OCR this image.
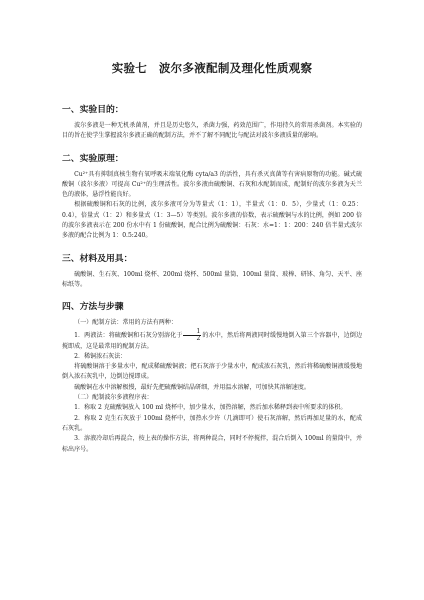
实验七　波尔多液配制及理化性质观察
一、实验目的：

波尔多液是一种无机杀菌剂，并且是历史悠久，杀菌力强，药效范围广，作用持久的常用杀菌剂。本实验的目的旨在使学生掌握波尔多液正确的配制方法，并不了解不同配比与配法对波尔多液质量的影响。

二、实验原理：

Cu²⁺具有抑制真核生物有氧呼吸末端氧化酶 cyta/a3 的活性，具有杀灭真菌等有害病原物的功能。碱式硫酸铜（波尔多液）可提高 Cu²⁺的生理活性。波尔多液由硫酸铜、石灰和水配制而成，配制好的波尔多液为天兰色的液体，悬浮性能良好。

根据硫酸铜和石灰的比例，波尔多液可分为等量式（1：1），半量式（1：0．5），少量式（1：0.25：0.4），倍量式（1：2）和多量式（1：3—5）等类别。波尔多液的倍数，表示硫酸铜与水的比例，例如 200 倍的波尔多液表示在 200 份水中有 1 份硫酸铜，配合比例为硫酸铜：石灰：水=1：1：200：240 倍半量式波尔多液的配合比例为 1：0.5:240。

三、材料及用具：

硫酸铜、生石灰、100ml 烧杯、200ml 烧杯、500ml 量筒、100ml 量筒、玻棒、研钵、角匀、天平、座标纸等。

四、方法与步骤

（一）配制方法：常用的方法有两种：

1．两液法：将硫酸铜和石灰分别溶化于 $\frac{1}{2}$ 的水中，然后将两液同时缓慢地倒入第三个容器中，边倒边搅即成，这是最常用的配制方法。

2．稀铜浓石灰法：

将硫酸铜溶于多量水中，配成稀硫酸铜液；把石灰溶于少量水中，配成浓石灰乳，然后将稀硫酸铜液缓慢地倒入浓石灰乳中，边倒边搅即成。

硫酸铜在水中溶解极慢，最好先把硫酸铜结晶研细，并用温水溶解，可加快其溶解速度。

（二）配制波尔多液程序表：

1．称取 2 克硫酸铜放入 100 ml 烧杯中，加少量水，加热溶解，然后加水稀释到表中所要求的体积。

2．称取 2 克生石灰放于 100ml 烧杯中，加热水少许（几滴即可）使石灰溶解，然后再加足量的水，配成石灰乳。

3．溶液冷却后再混合，按上表的操作方法，将两种混合，同时不停搅拌，混合后倒入 100ml 的量筒中，并标出序号。
